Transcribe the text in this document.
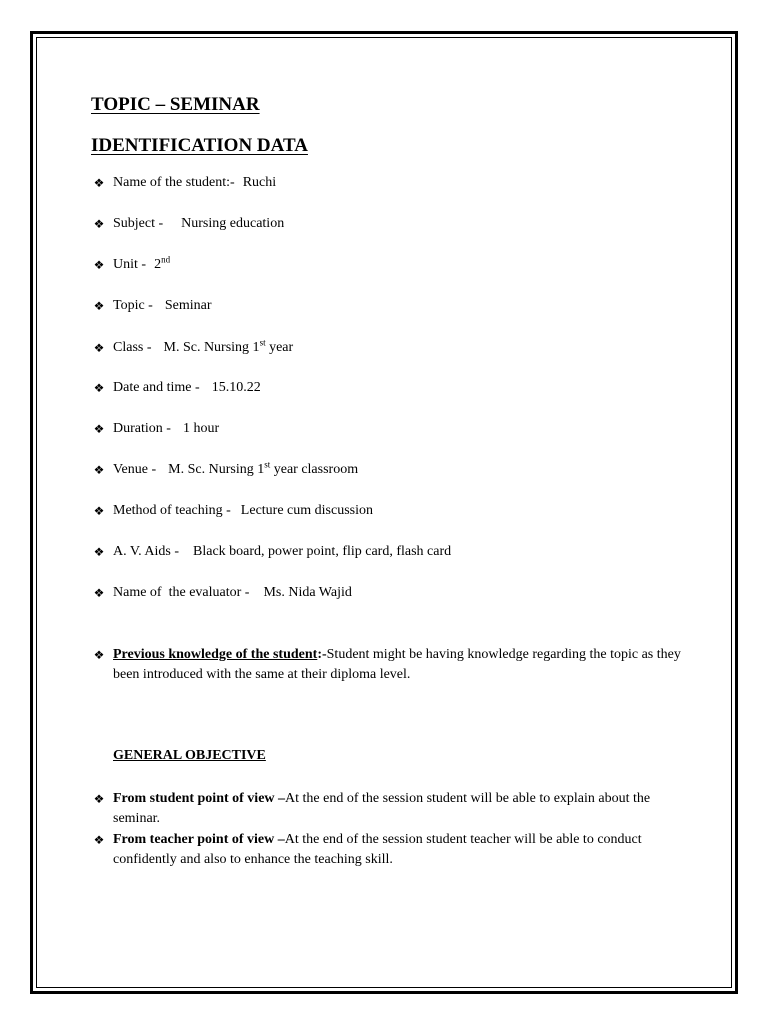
TOPIC – SEMINAR
IDENTIFICATION DATA
❖ Name of the student:- Ruchi
❖ Subject - Nursing education
❖ Unit - 2nd
❖ Topic - Seminar
❖ Class - M. Sc. Nursing 1st year
❖ Date and time - 15.10.22
❖ Duration - 1 hour
❖ Venue - M. Sc. Nursing 1st year classroom
❖ Method of teaching - Lecture cum discussion
❖ A. V. Aids - Black board, power point, flip card, flash card
❖ Name of  the evaluator - Ms. Nida Wajid
❖ Previous knowledge of the student:-Student might be having knowledge regarding the topic as they been introduced with the same at their diploma level.
GENERAL OBJECTIVE
❖ From student point of view –At the end of the session student will be able to explain about the seminar.
❖ From teacher point of view –At the end of the session student teacher will be able to conduct confidently and also to enhance the teaching skill.
